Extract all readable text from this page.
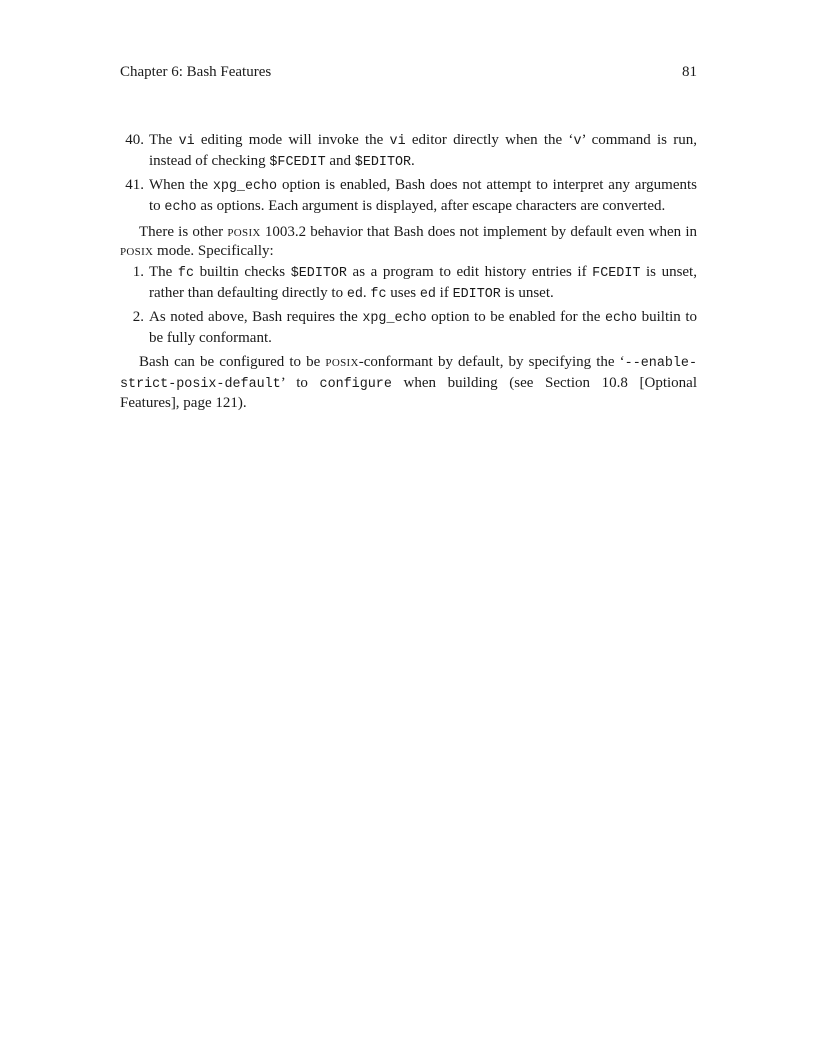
Chapter 6: Bash Features	81
40. The vi editing mode will invoke the vi editor directly when the ‘v’ command is run, instead of checking $FCEDIT and $EDITOR.
41. When the xpg_echo option is enabled, Bash does not attempt to interpret any arguments to echo as options. Each argument is displayed, after escape characters are converted.

There is other posix 1003.2 behavior that Bash does not implement by default even when in posix mode. Specifically:

1. The fc builtin checks $EDITOR as a program to edit history entries if FCEDIT is unset, rather than defaulting directly to ed. fc uses ed if EDITOR is unset.
2. As noted above, Bash requires the xpg_echo option to be enabled for the echo builtin to be fully conformant.

Bash can be configured to be posix-conformant by default, by specifying the ‘--enable-strict-posix-default’ to configure when building (see Section 10.8 [Optional Features], page 121).
